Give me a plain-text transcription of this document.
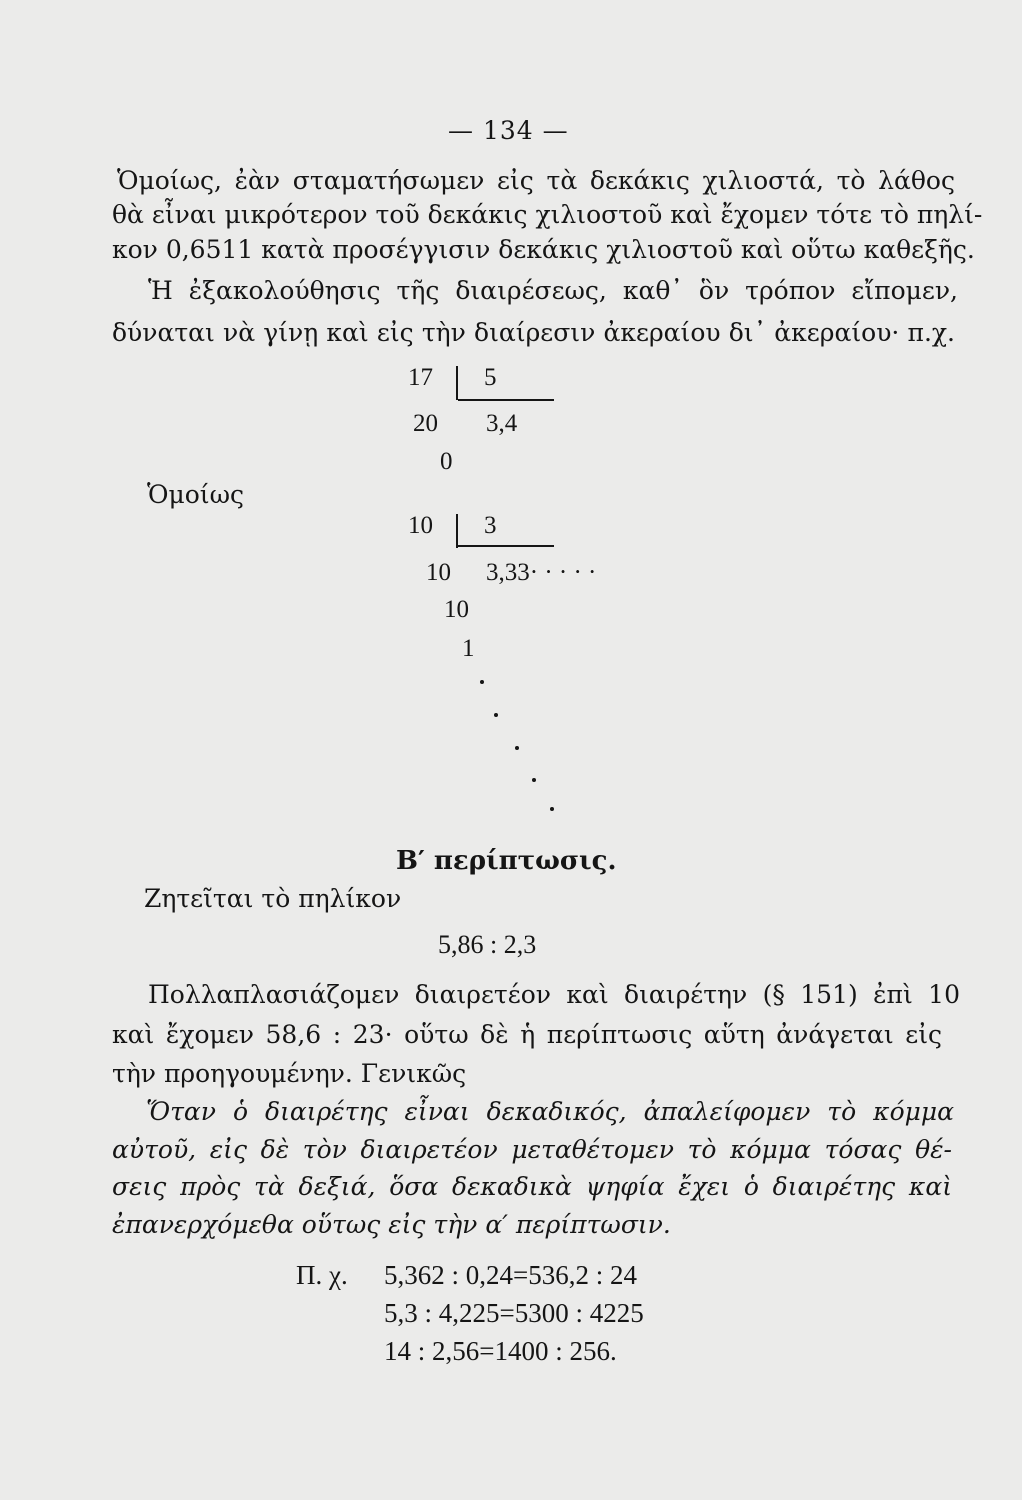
— 134 —
Ὁμοίως, ἐὰν σταματήσωμεν εἰς τὰ δεκάκις χιλιοστά, τὸ λάθος
θὰ εἶναι μικρότερον τοῦ δεκάκις χιλιοστοῦ καὶ ἔχομεν τότε τὸ πηλί-
κον 0,6511 κατὰ προσέγγισιν δεκάκις χιλιοστοῦ καὶ οὕτω καθεξῆς.
Ἡ ἐξακολούθησις τῆς διαιρέσεως, καθ᾽ ὃν τρόπον εἴπομεν,
δύναται νὰ γίνῃ καὶ εἰς τὴν διαίρεσιν ἀκεραίου δι᾽ ἀκεραίου· π.χ.
17 5
20 3,4
0
Ὁμοίως
10 3
10 3,33· · · · ·
10
1
Β′ περίπτωσις.
Ζητεῖται τὸ πηλίκον
5,86 : 2,3
Πολλαπλασιάζομεν διαιρετέον καὶ διαιρέτην (§ 151) ἐπὶ 10
καὶ ἔχομεν 58,6 : 23· οὕτω δὲ ἡ περίπτωσις αὕτη ἀνάγεται εἰς
τὴν προηγουμένην. Γενικῶς
Ὅταν ὁ διαιρέτης εἶναι δεκαδικός, ἀπαλείφομεν τὸ κόμμα
αὐτοῦ, εἰς δὲ τὸν διαιρετέον μεταθέτομεν τὸ κόμμα τόσας θέ-
σεις πρὸς τὰ δεξιά, ὅσα δεκαδικὰ ψηφία ἔχει ὁ διαιρέτης καὶ
ἐπανερχόμεθα οὕτως εἰς τὴν α′ περίπτωσιν.
Π. χ. 5,362 : 0,24=536,2 : 24
5,3 : 4,225=5300 : 4225
14 : 2,56=1400 : 256.
